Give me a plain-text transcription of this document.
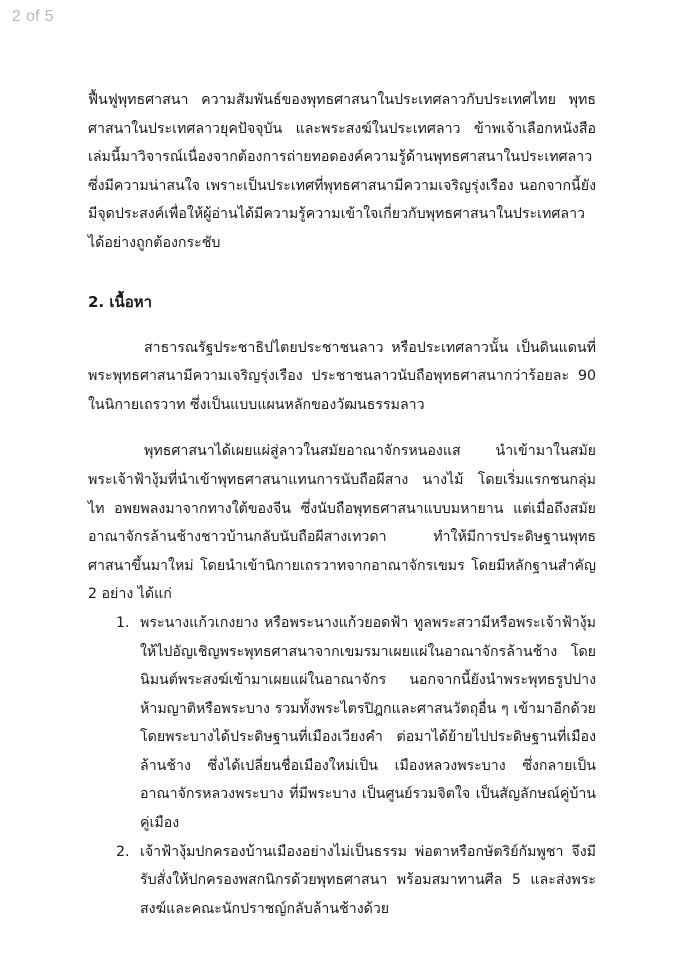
2 of 5

ฟื้นฟูพุทธศาสนา ความสัมพันธ์ของพุทธศาสนาในประเทศลาวกับประเทศไทย พุทธศาสนาในประเทศลาวยุคปัจจุบัน และพระสงฆ์ในประเทศลาว ข้าพเจ้าเลือกหนังสือเล่มนี้มาวิจารณ์เนื่องจากต้องการถ่ายทอดองค์ความรู้ด้านพุทธศาสนาในประเทศลาว ซึ่งมีความน่าสนใจ เพราะเป็นประเทศที่พุทธศาสนามีความเจริญรุ่งเรือง นอกจากนี้ยังมีจุดประสงค์เพื่อให้ผู้อ่านได้มีความรู้ความเข้าใจเกี่ยวกับพุทธศาสนาในประเทศลาวได้อย่างถูกต้องกระชับ

2. เนื้อหา

สาธารณรัฐประชาธิปไตยประชาชนลาว หรือประเทศลาวนั้น เป็นดินแดนที่พระพุทธศาสนามีความเจริญรุ่งเรือง ประชาชนลาวนับถือพุทธศาสนากว่าร้อยละ 90 ในนิกายเถรวาท ซึ่งเป็นแบบแผนหลักของวัฒนธรรมลาว

พุทธศาสนาได้เผยแผ่สู่ลาวในสมัยอาณาจักรหนองแส นำเข้ามาในสมัยพระเจ้าฟ้างุ้มที่นำเข้าพุทธศาสนาแทนการนับถือผีสาง นางไม้ โดยเริ่มแรกชนกลุ่ม ไท อพยพลงมาจากทางใต้ของจีน ซึ่งนับถือพุทธศาสนาแบบมหายาน แต่เมื่อถึงสมัยอาณาจักรล้านช้างชาวบ้านกลับนับถือผีสางเทวดา ทำให้มีการประดิษฐานพุทธศาสนาขึ้นมาใหม่ โดยนำเข้านิกายเถรวาทจากอาณาจักรเขมร โดยมีหลักฐานสำคัญ 2 อย่าง ได้แก่

1. พระนางแก้วเกงยาง หรือพระนางแก้วยอดฟ้า ทูลพระสวามีหรือพระเจ้าฟ้างุ้ม ให้ไปอัญเชิญพระพุทธศาสนาจากเขมรมาเผยแผ่ในอาณาจักรล้านช้าง โดยนิมนต์พระสงฆ์เข้ามาเผยแผ่ในอาณาจักร นอกจากนี้ยังนำพระพุทธรูปปางห้ามญาติหรือพระบาง รวมทั้งพระไตรปิฎกและศาสนวัตถุอื่น ๆ เข้ามาอีกด้วย โดยพระบางได้ประดิษฐานที่เมืองเวียงคำ ต่อมาได้ย้ายไปประดิษฐานที่เมืองล้านช้าง ซึ่งได้เปลี่ยนชื่อเมืองใหม่เป็น เมืองหลวงพระบาง ซึ่งกลายเป็นอาณาจักรหลวงพระบาง ที่มีพระบาง เป็นศูนย์รวมจิตใจ เป็นสัญลักษณ์คู่บ้านคู่เมือง
2. เจ้าฟ้างุ้มปกครองบ้านเมืองอย่างไม่เป็นธรรม พ่อตาหรือกษัตริย์กัมพูชา จึงมีรับสั่งให้ปกครองพสกนิกรด้วยพุทธศาสนา พร้อมสมาทานศีล 5 และส่งพระสงฆ์และคณะนักปราชญ์กลับล้านช้างด้วย
